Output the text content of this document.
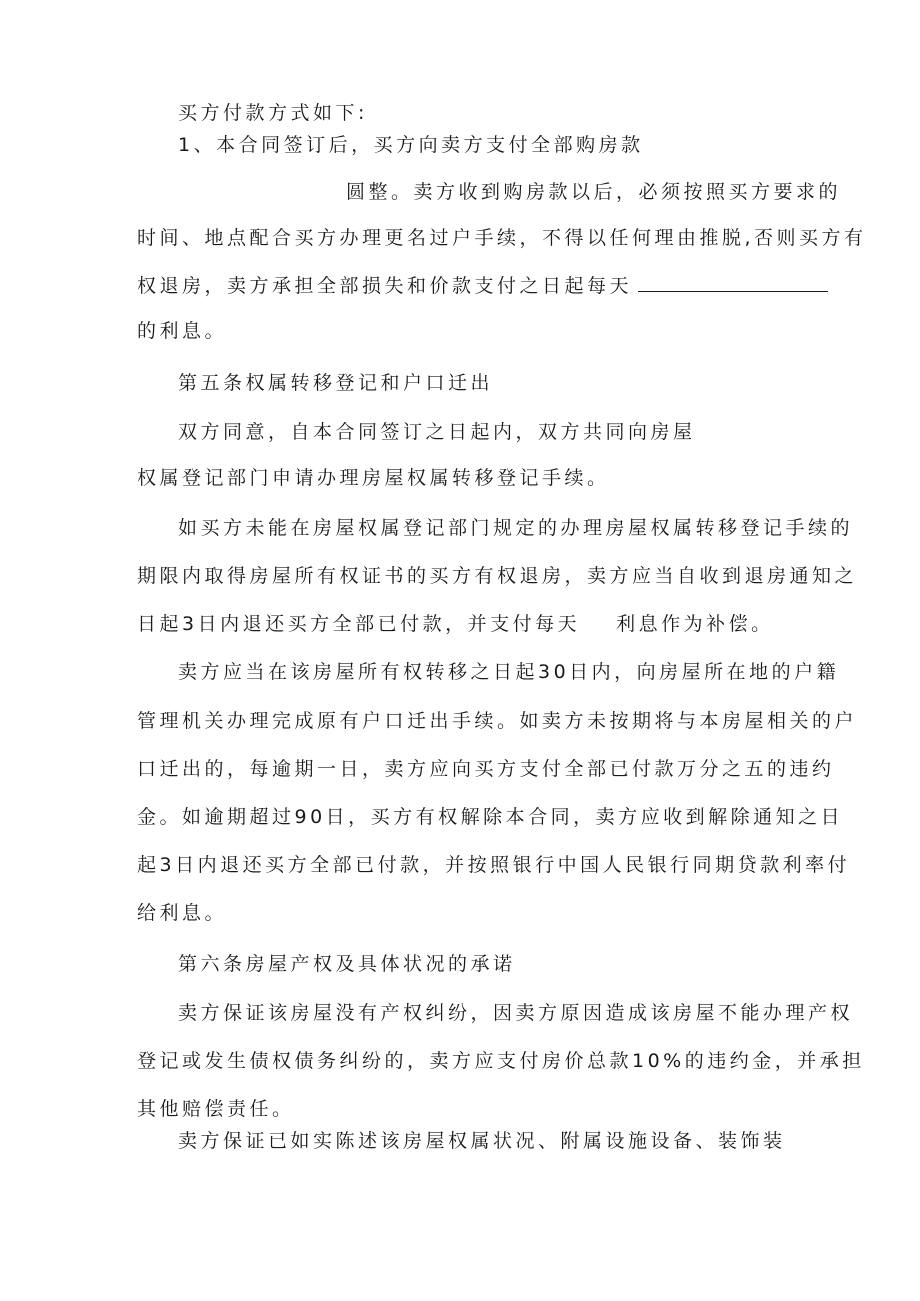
买方付款方式如下:
1、本合同签订后，买方向卖方支付全部购房款
圆整。卖方收到购房款以后，必须按照买方要求的
时间、地点配合买方办理更名过户手续，不得以任何理由推脱,否则买方有
权退房，卖方承担全部损失和价款支付之日起每天
的利息。
第五条权属转移登记和户口迁出
双方同意，自本合同签订之日起内，双方共同向房屋
权属登记部门申请办理房屋权属转移登记手续。
如买方未能在房屋权属登记部门规定的办理房屋权属转移登记手续的
期限内取得房屋所有权证书的买方有权退房，卖方应当自收到退房通知之
日起3日内退还买方全部已付款，并支付每天 利息作为补偿。
卖方应当在该房屋所有权转移之日起30日内，向房屋所在地的户籍
管理机关办理完成原有户口迁出手续。如卖方未按期将与本房屋相关的户
口迁出的，每逾期一日，卖方应向买方支付全部已付款万分之五的违约
金。如逾期超过90日，买方有权解除本合同，卖方应收到解除通知之日
起3日内退还买方全部已付款，并按照银行中国人民银行同期贷款利率付
给利息。
第六条房屋产权及具体状况的承诺
卖方保证该房屋没有产权纠纷，因卖方原因造成该房屋不能办理产权
登记或发生债权债务纠纷的，卖方应支付房价总款10%的违约金，并承担
其他赔偿责任。
卖方保证已如实陈述该房屋权属状况、附属设施设备、装饰装
